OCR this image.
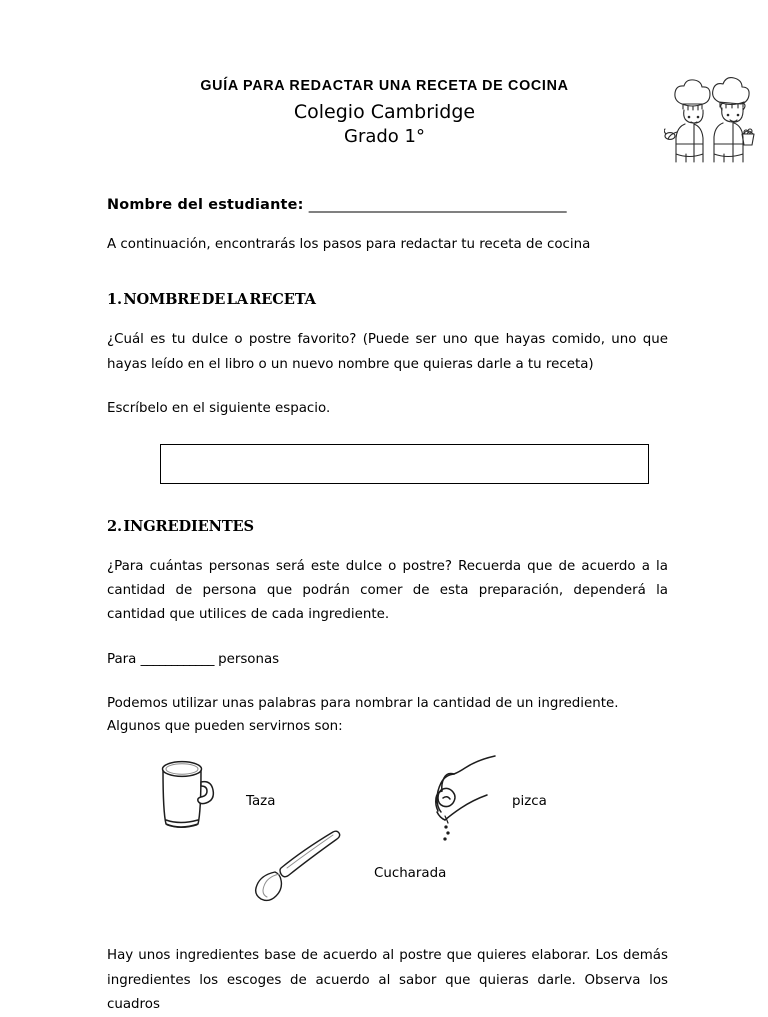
GUÍA PARA REDACTAR UNA RECETA DE COCINA
Colegio Cambridge
Grado 1°
Nombre del estudiante: _______________________________________

A continuación, encontrarás los pasos para redactar tu receta de cocina

1. NOMBRE DE LA RECETA

¿Cuál es tu dulce o postre favorito? (Puede ser uno que hayas comido, uno que hayas leído en el libro o un nuevo nombre que quieras darle a tu receta)

Escríbelo en el siguiente espacio.

2. INGREDIENTES

¿Para cuántas personas será este dulce o postre? Recuerda que de acuerdo a la cantidad de persona que podrán comer de esta preparación, dependerá la cantidad que utilices de cada ingrediente.

Para ____________ personas

Podemos utilizar unas palabras para nombrar la cantidad de un ingrediente.
Algunos que pueden servirnos son:

Taza	pizca
Cucharada

Hay unos ingredientes base de acuerdo al postre que quieres elaborar. Los demás ingredientes los escoges de acuerdo al sabor que quieras darle. Observa los cuadros
